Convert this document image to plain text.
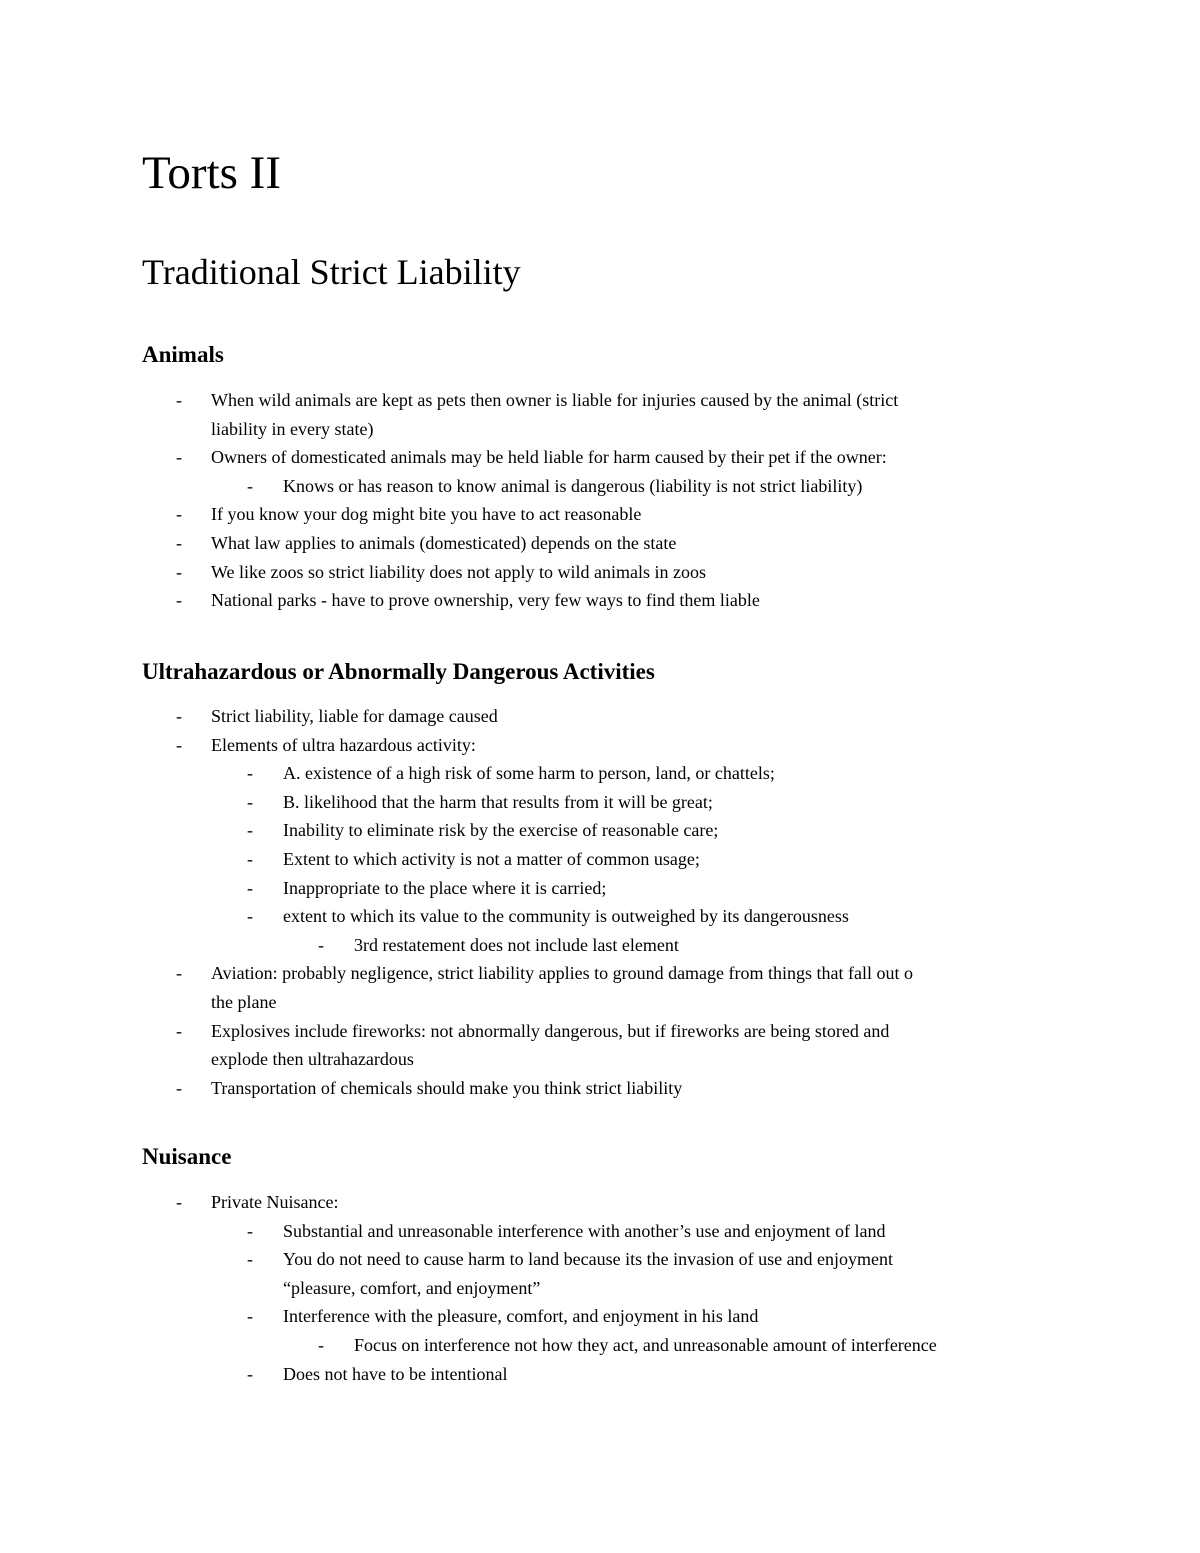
Torts II
Traditional Strict Liability
Animals
- When wild animals are kept as pets then owner is liable for injuries caused by the animal (strict
liability in every state)
- Owners of domesticated animals may be held liable for harm caused by their pet if the owner:
- Knows or has reason to know animal is dangerous (liability is not strict liability)
- If you know your dog might bite you have to act reasonable
- What law applies to animals (domesticated) depends on the state
- We like zoos so strict liability does not apply to wild animals in zoos
- National parks - have to prove ownership, very few ways to find them liable
Ultrahazardous or Abnormally Dangerous Activities
- Strict liability, liable for damage caused
- Elements of ultra hazardous activity:
- A. existence of a high risk of some harm to person, land, or chattels;
- B. likelihood that the harm that results from it will be great;
- Inability to eliminate risk by the exercise of reasonable care;
- Extent to which activity is not a matter of common usage;
- Inappropriate to the place where it is carried;
- extent to which its value to the community is outweighed by its dangerousness
- 3rd restatement does not include last element
- Aviation: probably negligence, strict liability applies to ground damage from things that fall out o
the plane
- Explosives include fireworks: not abnormally dangerous, but if fireworks are being stored and
explode then ultrahazardous
- Transportation of chemicals should make you think strict liability
Nuisance
- Private Nuisance:
- Substantial and unreasonable interference with another’s use and enjoyment of land
- You do not need to cause harm to land because its the invasion of use and enjoyment
“pleasure, comfort, and enjoyment”
- Interference with the pleasure, comfort, and enjoyment in his land
- Focus on interference not how they act, and unreasonable amount of interference
- Does not have to be intentional
